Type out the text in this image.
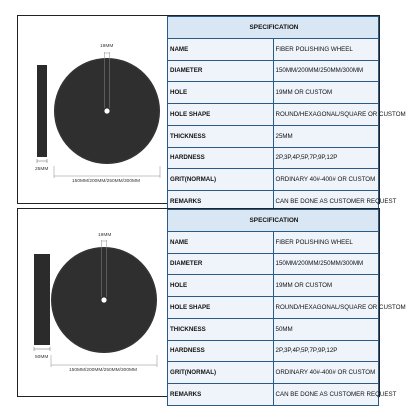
25MM
19MM
150MM/200MM/250MM/300MM
SPECIFICATION	
NAME	FIBER POLISHING WHEEL
DIAMETER	150MM/200MM/250MM/300MM
HOLE	19MM OR CUSTOM
HOLE SHAPE	ROUND/HEXAGONAL/SQUARE OR CUSTOM
THICKNESS	25MM
HARDNESS	2P,3P,4P,5P,7P,9P,12P
GRIT(NORMAL)	ORDINARY 40#-400# OR CUSTOM
REMARKS	CAN BE DONE AS CUSTOMER REQUEST
50MM
19MM
150MM/200MM/250MM/300MM
SPECIFICATION	
NAME	FIBER POLISHING WHEEL
DIAMETER	150MM/200MM/250MM/300MM
HOLE	19MM OR CUSTOM
HOLE SHAPE	ROUND/HEXAGONAL/SQUARE OR CUSTOM
THICKNESS	50MM
HARDNESS	2P,3P,4P,5P,7P,9P,12P
GRIT(NORMAL)	ORDINARY 40#-400# OR CUSTOM
REMARKS	CAN BE DONE AS CUSTOMER REQUEST
